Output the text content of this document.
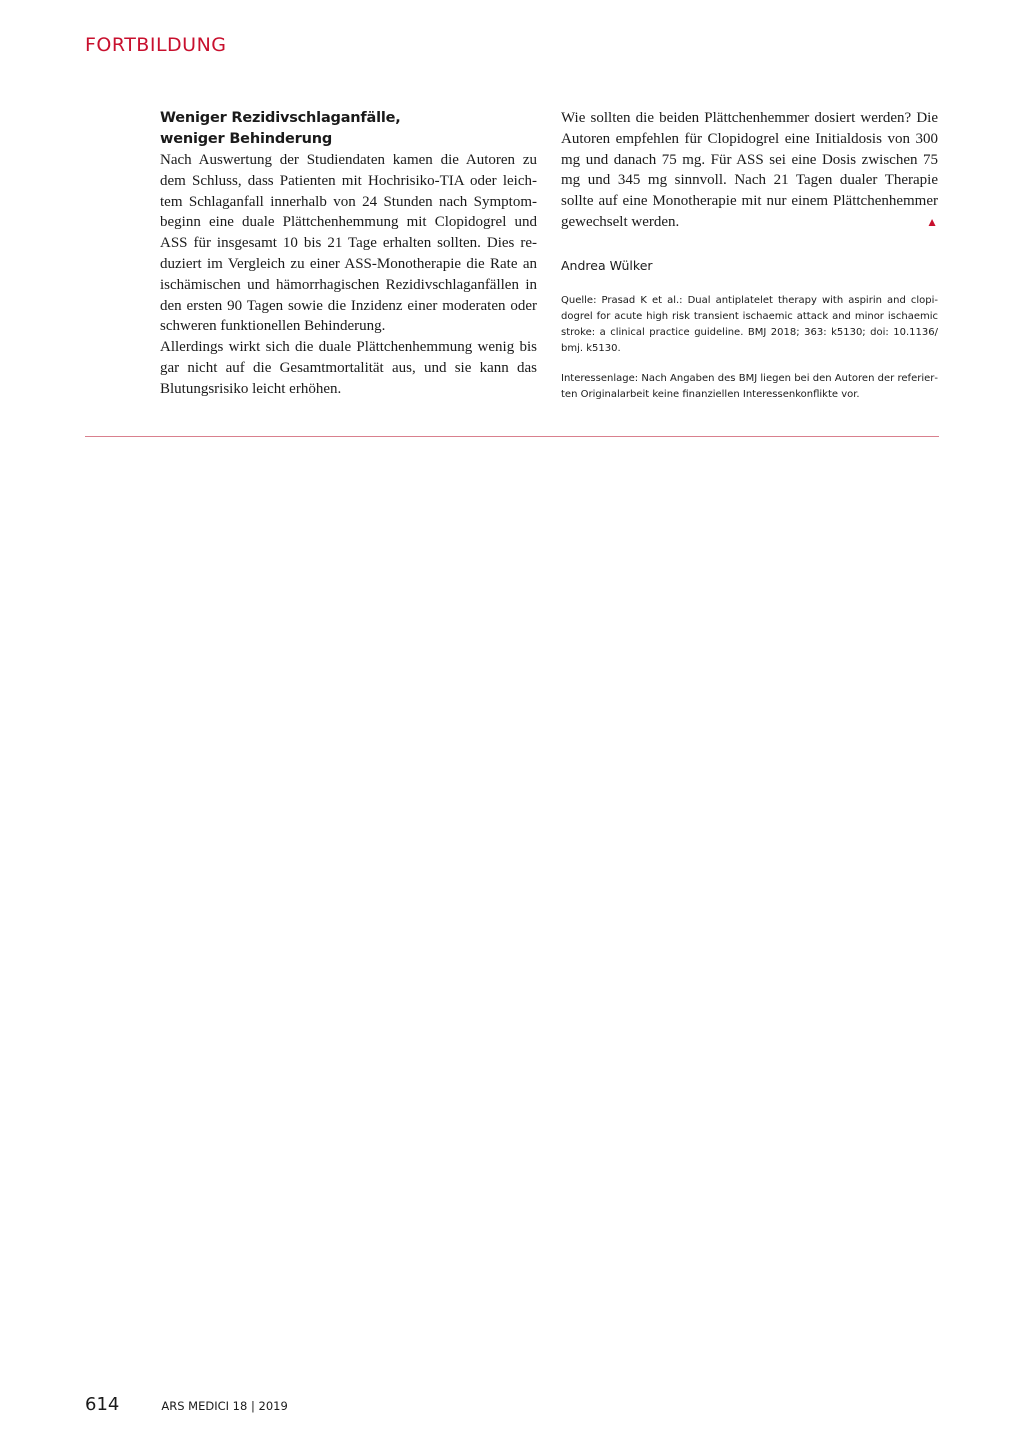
FORTBILDUNG
Weniger Rezidivschlaganfälle,
weniger Behinderung

Nach Auswertung der Studiendaten kamen die Autoren zu dem Schluss, dass Patienten mit Hochrisiko-TIA oder leichtem Schlaganfall innerhalb von 24 Stunden nach Symptombeginn eine duale Plättchenhemmung mit Clopidogrel und ASS für insgesamt 10 bis 21 Tage erhalten sollten. Dies reduziert im Vergleich zu einer ASS-Monotherapie die Rate an ischämischen und hämorrhagischen Rezidivschlaganfällen in den ersten 90 Tagen sowie die Inzidenz einer moderaten oder schweren funktionellen Behinderung.

Allerdings wirkt sich die duale Plättchenhemmung wenig bis gar nicht auf die Gesamtmortalität aus, und sie kann das Blutungsrisiko leicht erhöhen.

Wie sollten die beiden Plättchenhemmer dosiert werden? Die Autoren empfehlen für Clopidogrel eine Initialdosis von 300 mg und danach 75 mg. Für ASS sei eine Dosis zwischen 75 mg und 345 mg sinnvoll. Nach 21 Tagen dualer Therapie sollte auf eine Monotherapie mit nur einem Plättchenhemmer gewechselt werden.	▲

Andrea Wülker

Quelle: Prasad K et al.: Dual antiplatelet therapy with aspirin and clopidogrel for acute high risk transient ischaemic attack and minor ischaemic stroke: a clinical practice guideline. BMJ 2018; 363: k5130; doi: 10.1136/ bmj. k5130.

Interessenlage: Nach Angaben des BMJ liegen bei den Autoren der referierten Originalarbeit keine finanziellen Interessenkonflikte vor.

614	ARS MEDICI 18 | 2019
